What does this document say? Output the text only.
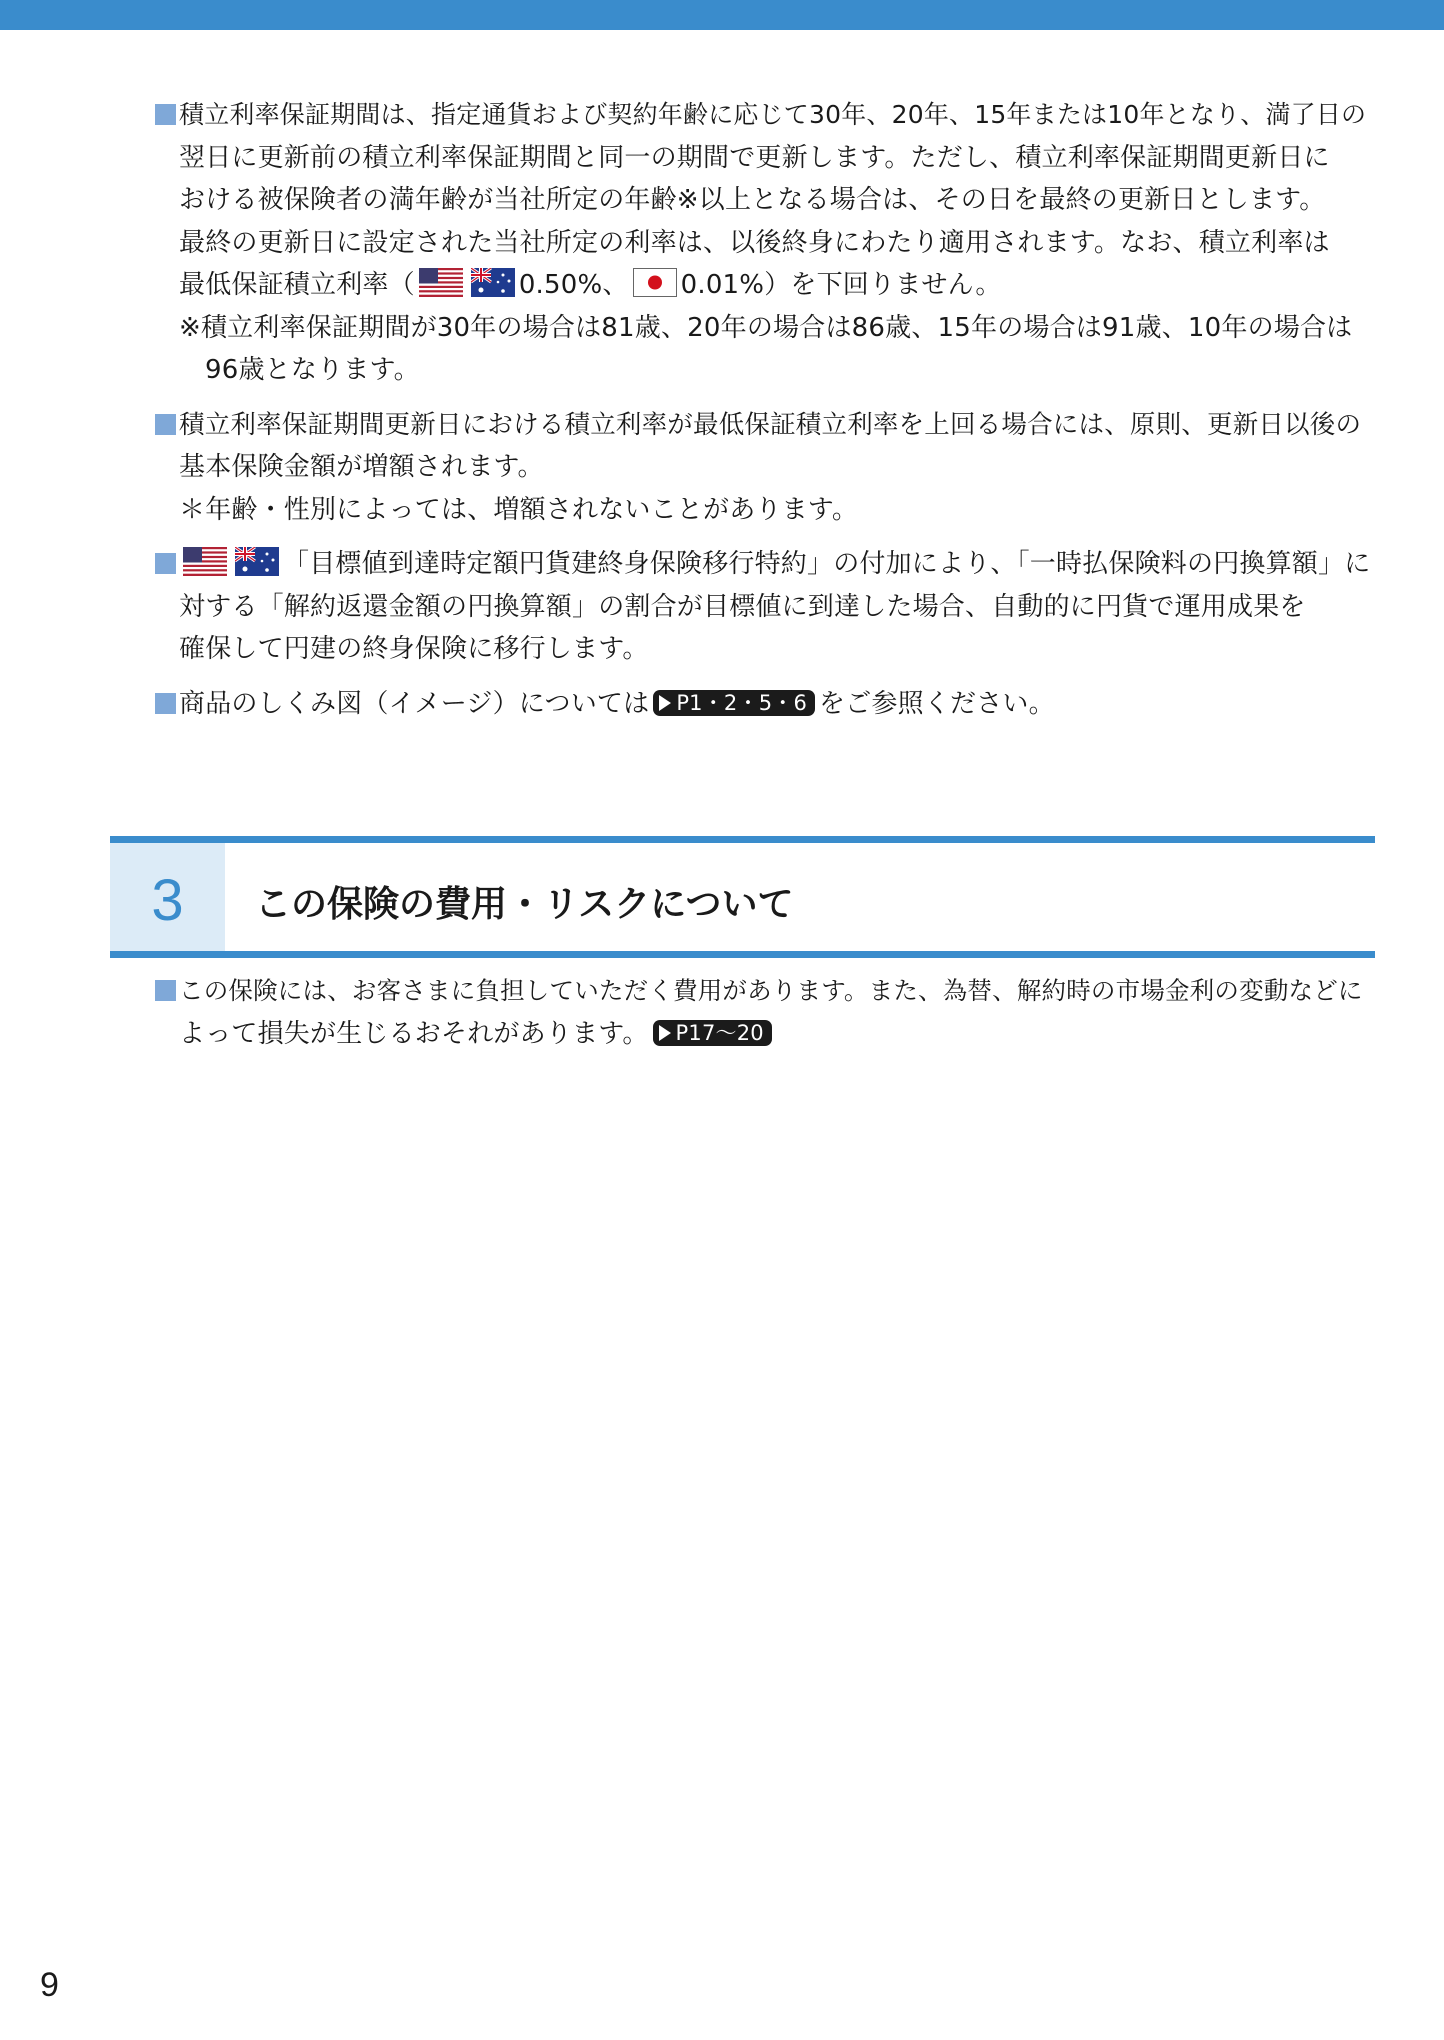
積立利率保証期間は、指定通貨および契約年齢に応じて30年、20年、15年または10年となり、満了日の
翌日に更新前の積立利率保証期間と同一の期間で更新します。ただし、積立利率保証期間更新日に
おける被保険者の満年齢が当社所定の年齢※以上となる場合は、その日を最終の更新日とします。
最終の更新日に設定された当社所定の利率は、以後終身にわたり適用されます。なお、積立利率は
最低保証積立利率（	0.50%、 0.01%）を下回りません。
※積立利率保証期間が30年の場合は81歳、20年の場合は86歳、15年の場合は91歳、10年の場合は
96歳となります。
積立利率保証期間更新日における積立利率が最低保証積立利率を上回る場合には、原則、更新日以後の
基本保険金額が増額されます。
＊年齢・性別によっては、増額されないことがあります。
「目標値到達時定額円貨建終身保険移行特約」の付加により、「一時払保険料の円換算額」に
対する「解約返還金額の円換算額」の割合が目標値に到達した場合、自動的に円貨で運用成果を
確保して円建の終身保険に移行します。
商品のしくみ図（イメージ）については P1・2・5・6 をご参照ください。
3	この保険の費用・リスクについて
この保険には、お客さまに負担していただく費用があります。また、為替、解約時の市場金利の変動などに
よって損失が生じるおそれがあります。 P17～20
9
